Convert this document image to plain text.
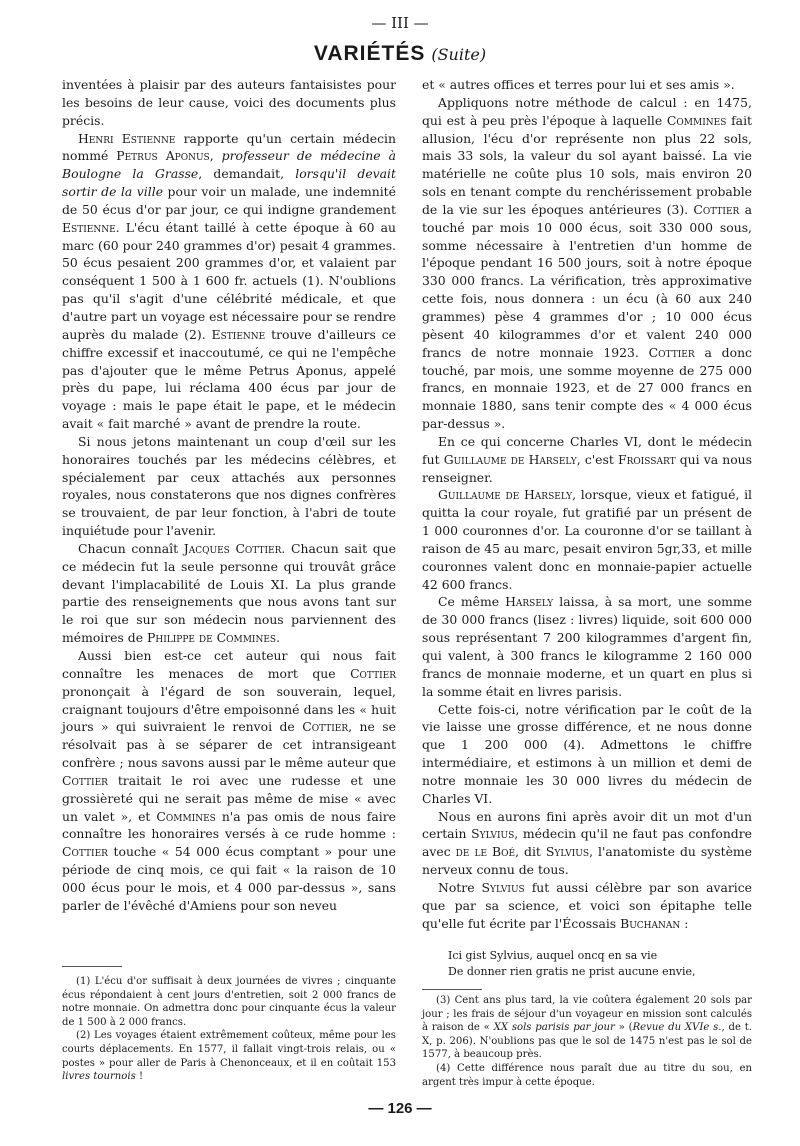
— III —
VARIÉTÉS (Suite)

inventées à plaisir par des auteurs fantaisistes pour les besoins de leur cause, voici des documents plus précis.

Henri Estienne rapporte qu'un certain médecin nommé Petrus Aponus, professeur de médecine à Boulogne la Grasse, demandait, lorsqu'il devait sortir de la ville pour voir un malade, une indemnité de 50 écus d'or par jour, ce qui indigne grandement Estienne. L'écu étant taillé à cette époque à 60 au marc (60 pour 240 grammes d'or) pesait 4 grammes. 50 écus pesaient 200 grammes d'or, et valaient par conséquent 1 500 à 1 600 fr. actuels (1). N'oublions pas qu'il s'agit d'une célébrité médicale, et que d'autre part un voyage est nécessaire pour se rendre auprès du malade (2). Estienne trouve d'ailleurs ce chiffre excessif et inaccoutumé, ce qui ne l'empêche pas d'ajouter que le même Petrus Aponus, appelé près du pape, lui réclama 400 écus par jour de voyage : mais le pape était le pape, et le médecin avait « fait marché » avant de prendre la route.

Si nous jetons maintenant un coup d'œil sur les honoraires touchés par les médecins célèbres, et spécialement par ceux attachés aux personnes royales, nous constaterons que nos dignes confrères se trouvaient, de par leur fonction, à l'abri de toute inquiétude pour l'avenir.

Chacun connaît Jacques Cottier. Chacun sait que ce médecin fut la seule personne qui trouvât grâce devant l'implacabilité de Louis XI. La plus grande partie des renseignements que nous avons tant sur le roi que sur son médecin nous parviennent des mémoires de Philippe de Commines.

Aussi bien est-ce cet auteur qui nous fait connaître les menaces de mort que Cottier prononçait à l'égard de son souverain, lequel, craignant toujours d'être empoisonné dans les « huit jours » qui suivraient le renvoi de Cottier, ne se résolvait pas à se séparer de cet intransigeant confrère ; nous savons aussi par le même auteur que Cottier traitait le roi avec une rudesse et une grossièreté qui ne serait pas même de mise « avec un valet », et Commines n'a pas omis de nous faire connaître les honoraires versés à ce rude homme : Cottier touche « 54 000 écus comptant » pour une période de cinq mois, ce qui fait « la raison de 10 000 écus pour le mois, et 4 000 par-dessus », sans parler de l'évêché d'Amiens pour son neveu

et « autres offices et terres pour lui et ses amis ».

Appliquons notre méthode de calcul : en 1475, qui est à peu près l'époque à laquelle Commines fait allusion, l'écu d'or représente non plus 22 sols, mais 33 sols, la valeur du sol ayant baissé. La vie matérielle ne coûte plus 10 sols, mais environ 20 sols en tenant compte du renchérissement probable de la vie sur les époques antérieures (3). Cottier a touché par mois 10 000 écus, soit 330 000 sous, somme nécessaire à l'entretien d'un homme de l'époque pendant 16 500 jours, soit à notre époque 330 000 francs. La vérification, très approximative cette fois, nous donnera : un écu (à 60 aux 240 grammes) pèse 4 grammes d'or ; 10 000 écus pèsent 40 kilogrammes d'or et valent 240 000 francs de notre monnaie 1923. Cottier a donc touché, par mois, une somme moyenne de 275 000 francs, en monnaie 1923, et de 27 000 francs en monnaie 1880, sans tenir compte des « 4 000 écus par-dessus ».

En ce qui concerne Charles VI, dont le médecin fut Guillaume de Harsely, c'est Froissart qui va nous renseigner.

Guillaume de Harsely, lorsque, vieux et fatigué, il quitta la cour royale, fut gratifié par un présent de 1 000 couronnes d'or. La couronne d'or se taillant à raison de 45 au marc, pesait environ 5gr,33, et mille couronnes valent donc en monnaie-papier actuelle 42 600 francs.

Ce même Harsely laissa, à sa mort, une somme de 30 000 francs (lisez : livres) liquide, soit 600 000 sous représentant 7 200 kilogrammes d'argent fin, qui valent, à 300 francs le kilogramme 2 160 000 francs de monnaie moderne, et un quart en plus si la somme était en livres parisis.

Cette fois-ci, notre vérification par le coût de la vie laisse une grosse différence, et ne nous donne que 1 200 000 (4). Admettons le chiffre intermédiaire, et estimons à un million et demi de notre monnaie les 30 000 livres du médecin de Charles VI.

Nous en aurons fini après avoir dit un mot d'un certain Sylvius, médecin qu'il ne faut pas confondre avec de le Boé, dit Sylvius, l'anatomiste du système nerveux connu de tous.

Notre Sylvius fut aussi célèbre par son avarice que par sa science, et voici son épitaphe telle qu'elle fut écrite par l'Écossais Buchanan :

Ici gist Sylvius, auquel oncq en sa vie
De donner rien gratis ne prist aucune envie,

(1) L'écu d'or suffisait à deux journées de vivres ; cinquante écus répondaient à cent jours d'entretien, soit 2 000 francs de notre monnaie. On admettra donc pour cinquante écus la valeur de 1 500 à 2 000 francs.

(2) Les voyages étaient extrêmement coûteux, même pour les courts déplacements. En 1577, il fallait vingt-trois relais, ou « postes » pour aller de Paris à Chenonceaux, et il en coûtait 153 livres tournois !

(3) Cent ans plus tard, la vie coûtera également 20 sols par jour ; les frais de séjour d'un voyageur en mission sont calculés à raison de « XX sols parisis par jour » (Revue du XVIe s., de t. X, p. 206). N'oublions pas que le sol de 1475 n'est pas le sol de 1577, à beaucoup près.

(4) Cette différence nous paraît due au titre du sou, en argent très impur à cette époque.

— 126 —
